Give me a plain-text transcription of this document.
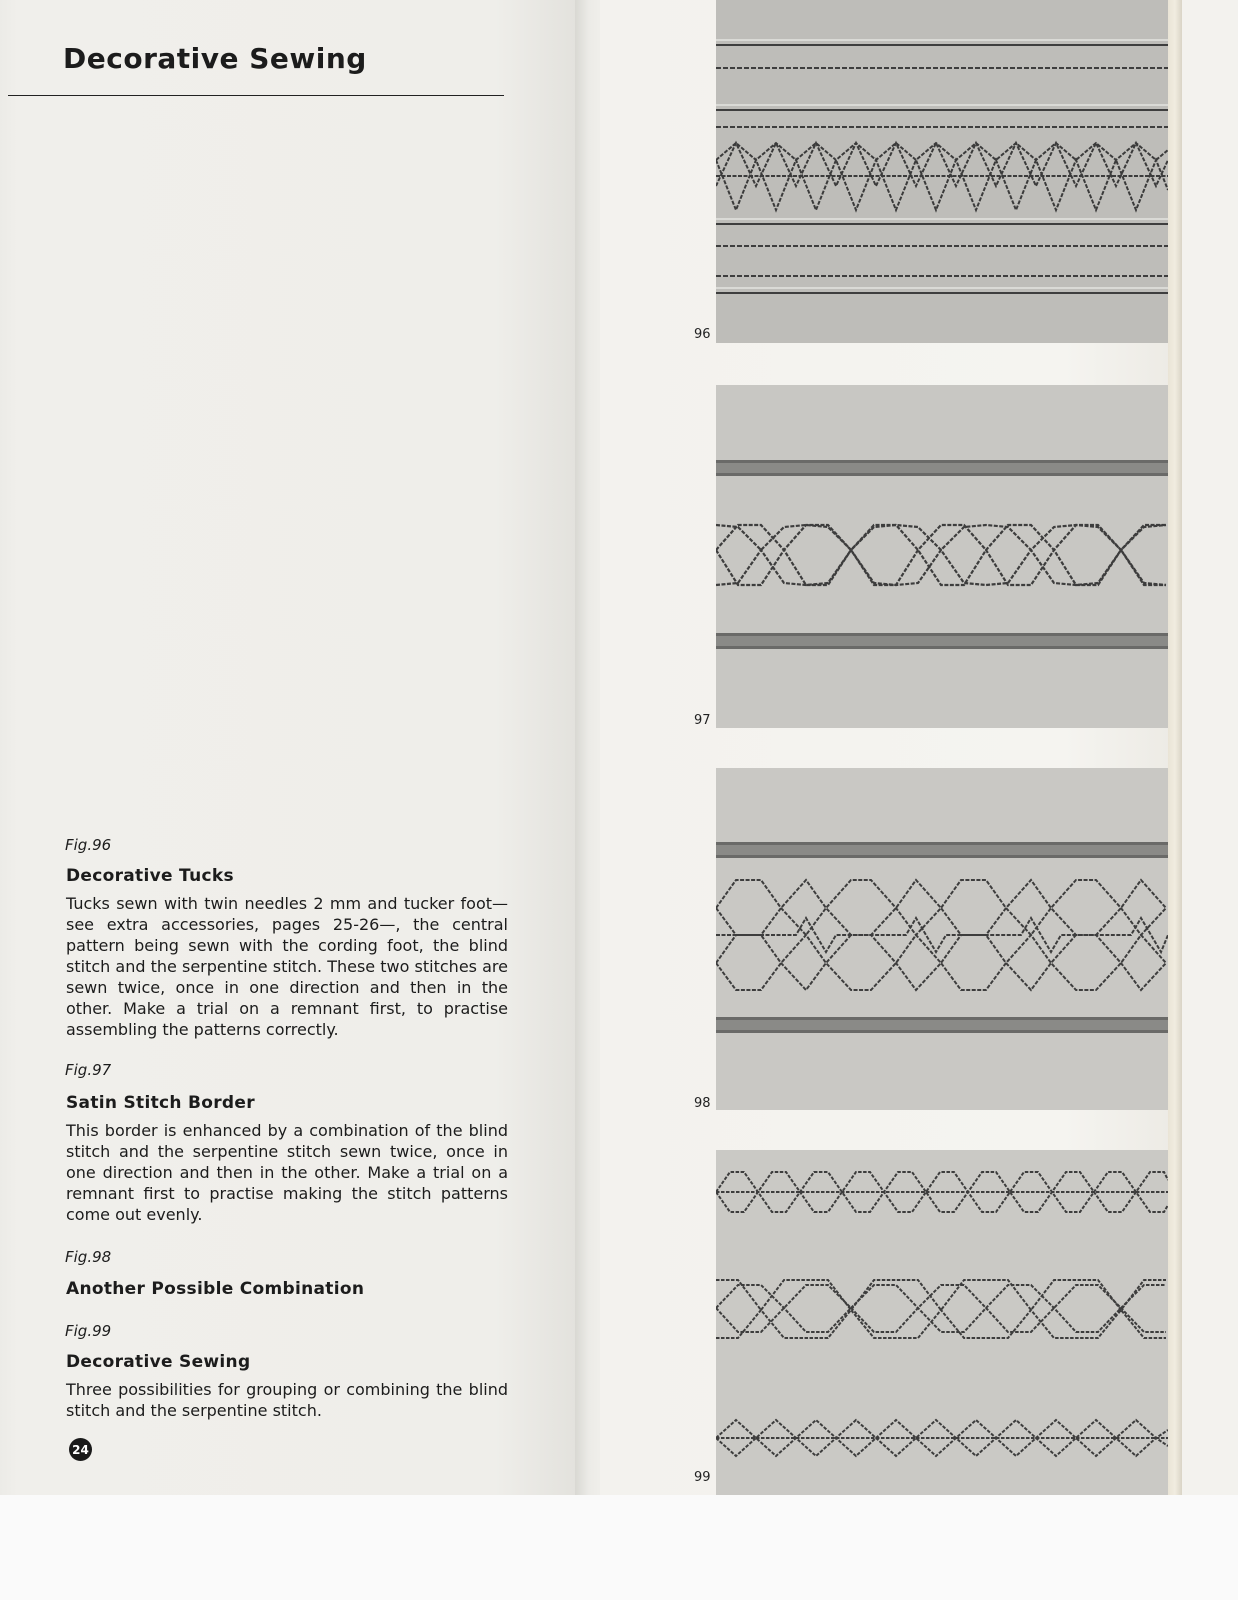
Decorative Sewing

Fig.96

Decorative Tucks

Tucks sewn with twin needles 2 mm and tucker foot—see extra accessories, pages 25-26—, the central pattern being sewn with the cording foot, the blind stitch and the serpentine stitch. These two stitches are sewn twice, once in one direction and then in the other. Make a trial on a remnant first, to practise assembling the patterns correctly.

Fig.97

Satin Stitch Border

This border is enhanced by a combination of the blind stitch and the serpentine stitch sewn twice, once in one direction and then in the other. Make a trial on a remnant first to practise making the stitch patterns come out evenly.

Fig.98

Another Possible Combination

Fig.99

Decorative Sewing

Three possibilities for grouping or combining the blind stitch and the serpentine stitch.

24
96
97
98
99
